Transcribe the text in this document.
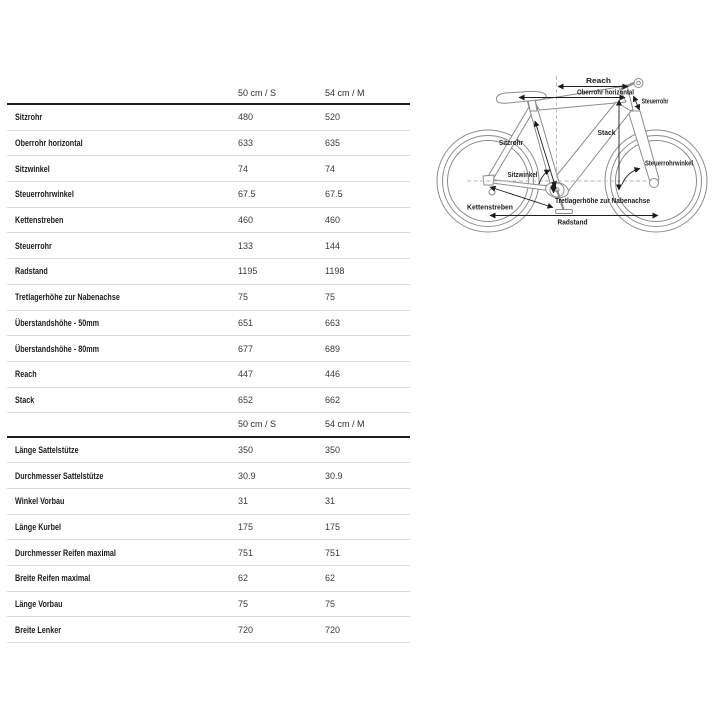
50 cm / S	54 cm / M
Sitzrohr	480	520
Oberrohr horizontal	633	635
Sitzwinkel	74	74
Steuerrohrwinkel	67.5	67.5
Kettenstreben	460	460
Steuerrohr	133	144
Radstand	1195	1198
Tretlagerhöhe zur Nabenachse	75	75
Überstandshöhe - 50mm	651	663
Überstandshöhe - 80mm	677	689
Reach	447	446
Stack	652	662
50 cm / S	54 cm / M
Länge Sattelstütze	350	350
Durchmesser Sattelstütze	30.9	30.9
Winkel Vorbau	31	31
Länge Kurbel	175	175
Durchmesser Reifen maximal	751	751
Breite Reifen maximal	62	62
Länge Vorbau	75	75
Breite Lenker	720	720
Reach
Oberrohr horizontal
Steuerrohr
Stack
Sitzrohr
Sitzwinkel
Steuerrohrwinkel
Tretlagerhöhe zur Nabenachse
Kettenstreben
Radstand
